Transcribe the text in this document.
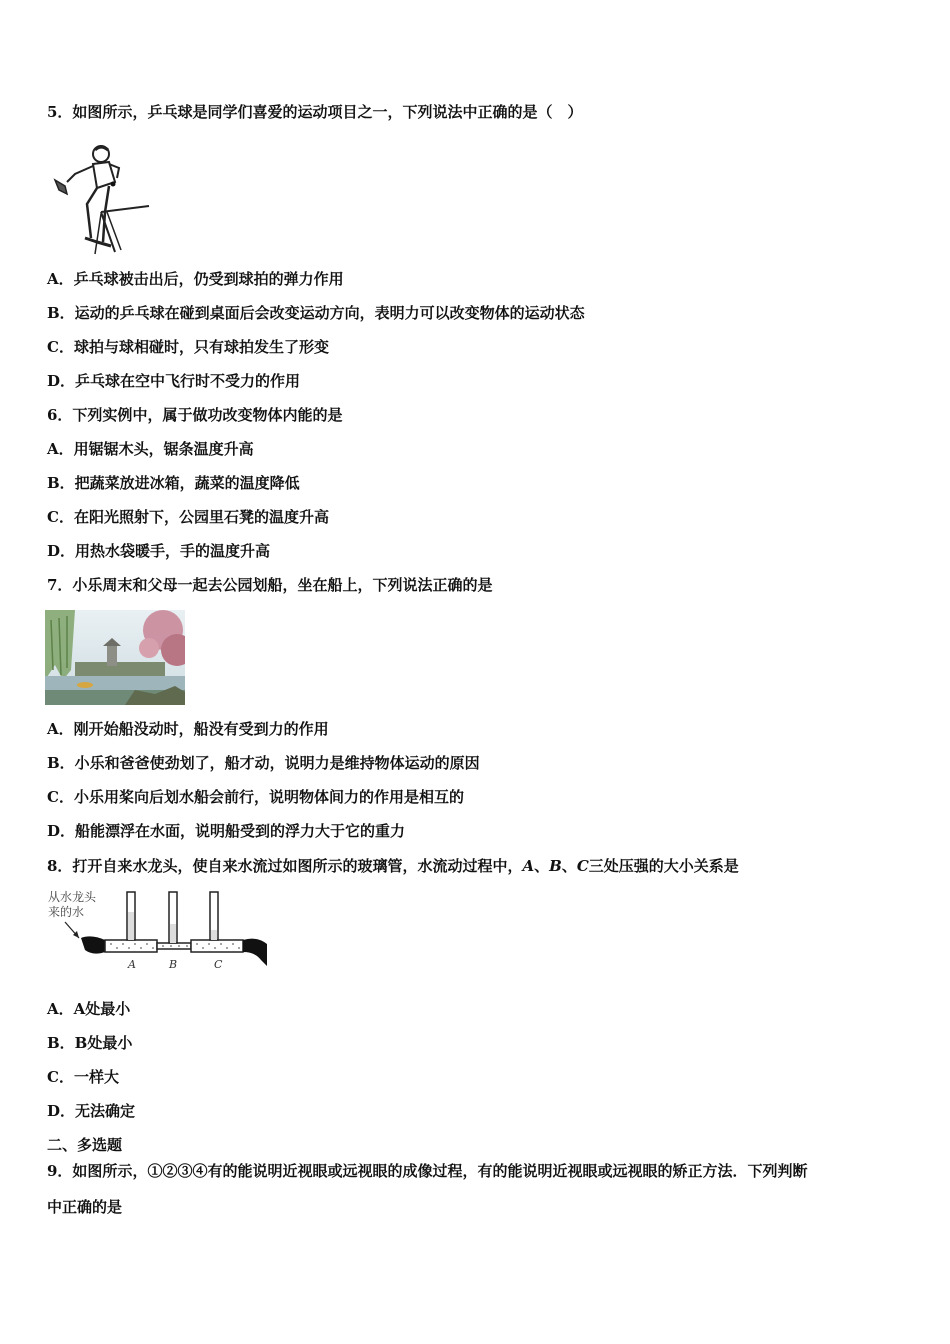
5．如图所示，乒乓球是同学们喜爱的运动项目之一，下列说法中正确的是（　）
A．乒乓球被击出后，仍受到球拍的弹力作用
B．运动的乒乓球在碰到桌面后会改变运动方向，表明力可以改变物体的运动状态
C．球拍与球相碰时，只有球拍发生了形变
D．乒乓球在空中飞行时不受力的作用
6．下列实例中，属于做功改变物体内能的是
A．用锯锯木头，锯条温度升高
B．把蔬菜放进冰箱，蔬菜的温度降低
C．在阳光照射下，公园里石凳的温度升高
D．用热水袋暖手，手的温度升高
7．小乐周末和父母一起去公园划船，坐在船上，下列说法正确的是
A．刚开始船没动时，船没有受到力的作用
B．小乐和爸爸使劲划了，船才动，说明力是维持物体运动的原因
C．小乐用桨向后划水船会前行，说明物体间力的作用是相互的
D．船能漂浮在水面，说明船受到的浮力大于它的重力
8．打开自来水龙头，使自来水流过如图所示的玻璃管，水流动过程中，A、B、C三处压强的大小关系是
从水龙头
来的水
A	B	C
A．A处最小
B．B处最小
C．一样大
D．无法确定
二、多选题
9．如图所示，①②③④有的能说明近视眼或远视眼的成像过程，有的能说明近视眼或远视眼的矫正方法．下列判断
中正确的是
